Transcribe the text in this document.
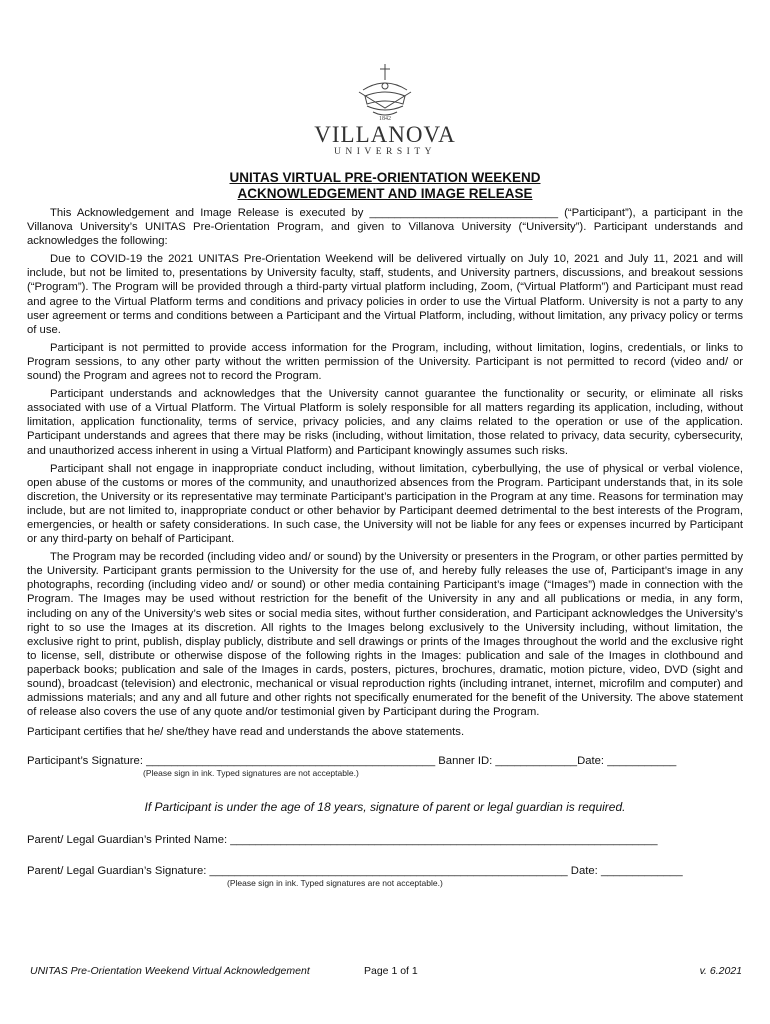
1842
VILLANOVA
UNIVERSITY

UNITAS VIRTUAL PRE-ORIENTATION WEEKEND

ACKNOWLEDGEMENT AND IMAGE RELEASE

This Acknowledgement and Image Release is executed by ______________________________ (“Participant”), a participant in the Villanova University’s UNITAS Pre-Orientation Program, and given to Villanova University (“University”). Participant understands and acknowledges the following:

Due to COVID-19 the 2021 UNITAS Pre-Orientation Weekend will be delivered virtually on July 10, 2021 and July 11, 2021 and will include, but not be limited to, presentations by University faculty, staff, students, and University partners, discussions, and breakout sessions (“Program”). The Program will be provided through a third-party virtual platform including, Zoom, (“Virtual Platform”) and Participant must read and agree to the Virtual Platform terms and conditions and privacy policies in order to use the Virtual Platform. University is not a party to any user agreement or terms and conditions between a Participant and the Virtual Platform, including, without limitation, any privacy policy or terms of use.

Participant is not permitted to provide access information for the Program, including, without limitation, logins, credentials, or links to Program sessions, to any other party without the written permission of the University. Participant is not permitted to record (video and/ or sound) the Program and agrees not to record the Program.

Participant understands and acknowledges that the University cannot guarantee the functionality or security, or eliminate all risks associated with use of a Virtual Platform. The Virtual Platform is solely responsible for all matters regarding its application, including, without limitation, application functionality, terms of service, privacy policies, and any claims related to the operation or use of the application. Participant understands and agrees that there may be risks (including, without limitation, those related to privacy, data security, cybersecurity, and unauthorized access inherent in using a Virtual Platform) and Participant knowingly assumes such risks.

Participant shall not engage in inappropriate conduct including, without limitation, cyberbullying, the use of physical or verbal violence, open abuse of the customs or mores of the community, and unauthorized absences from the Program. Participant understands that, in its sole discretion, the University or its representative may terminate Participant’s participation in the Program at any time. Reasons for termination may include, but are not limited to, inappropriate conduct or other behavior by Participant deemed detrimental to the best interests of the Program, emergencies, or health or safety considerations. In such case, the University will not be liable for any fees or expenses incurred by Participant or any third-party on behalf of Participant.

The Program may be recorded (including video and/ or sound) by the University or presenters in the Program, or other parties permitted by the University. Participant grants permission to the University for the use of, and hereby fully releases the use of, Participant’s image in any photographs, recording (including video and/ or sound) or other media containing Participant’s image (“Images”) made in connection with the Program. The Images may be used without restriction for the benefit of the University in any and all publications or media, in any form, including on any of the University’s web sites or social media sites, without further consideration, and Participant acknowledges the University’s right to so use the Images at its discretion. All rights to the Images belong exclusively to the University including, without limitation, the exclusive right to print, publish, display publicly, distribute and sell drawings or prints of the Images throughout the world and the exclusive right to license, sell, distribute or otherwise dispose of the following rights in the Images: publication and sale of the Images in clothbound and paperback books; publication and sale of the Images in cards, posters, pictures, brochures, dramatic, motion picture, video, DVD (sight and sound), broadcast (television) and electronic, mechanical or visual reproduction rights (including intranet, internet, microfilm and computer) and admissions materials; and any and all future and other rights not specifically enumerated for the benefit of the University. The above statement of release also covers the use of any quote and/or testimonial given by Participant during the Program.

Participant certifies that he/ she/they have read and understands the above statements.

Participant’s Signature: ______________________________________________ Banner ID: _____________Date: ___________
(Please sign in ink. Typed signatures are not acceptable.)

If Participant is under the age of 18 years, signature of parent or legal guardian is required.

Parent/ Legal Guardian’s Printed Name: ____________________________________________________________________
Parent/ Legal Guardian’s Signature: _________________________________________________________ Date: _____________
(Please sign in ink. Typed signatures are not acceptable.)
UNITAS Pre-Orientation Weekend Virtual Acknowledgement	Page 1 of 1	v. 6.2021
